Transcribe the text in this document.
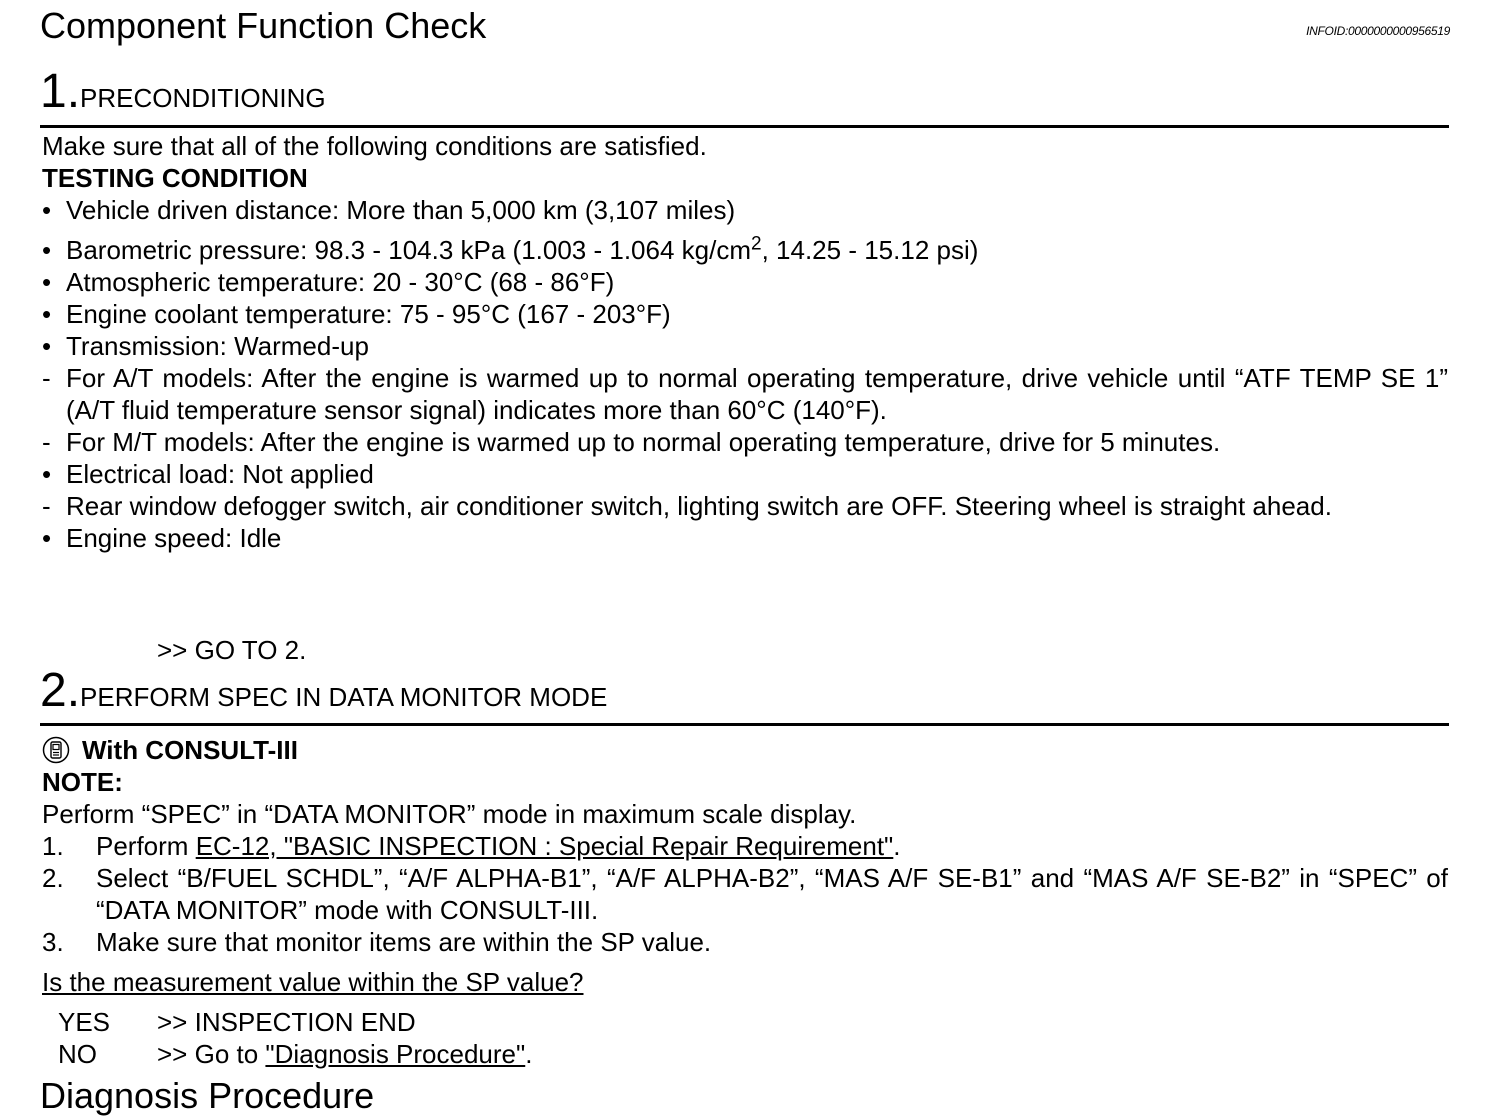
Component Function Check	INFOID:0000000000956519
1. PRECONDITIONING
Make sure that all of the following conditions are satisfied.
TESTING CONDITION
• Vehicle driven distance: More than 5,000 km (3,107 miles)
• Barometric pressure: 98.3 - 104.3 kPa (1.003 - 1.064 $kg/cm^2$, 14.25 - 15.12 psi)
• Atmospheric temperature: 20 - 30°C (68 - 86°F)
• Engine coolant temperature: 75 - 95°C (167 - 203°F)
• Transmission: Warmed-up
- For A/T models: After the engine is warmed up to normal operating temperature, drive vehicle until “ATF TEMP SE 1” (A/T fluid temperature sensor signal) indicates more than 60°C (140°F).
- For M/T models: After the engine is warmed up to normal operating temperature, drive for 5 minutes.
• Electrical load: Not applied
- Rear window defogger switch, air conditioner switch, lighting switch are OFF. Steering wheel is straight ahead.
• Engine speed: Idle
>> GO TO 2.
2. PERFORM SPEC IN DATA MONITOR MODE
With CONSULT-III
NOTE:
Perform “SPEC” in “DATA MONITOR” mode in maximum scale display.
1. Perform EC-12, "BASIC INSPECTION : Special Repair Requirement".
2. Select “B/FUEL SCHDL”, “A/F ALPHA-B1”, “A/F ALPHA-B2”, “MAS A/F SE-B1” and “MAS A/F SE-B2” in “SPEC” of “DATA MONITOR” mode with CONSULT-III.
3. Make sure that monitor items are within the SP value.
Is the measurement value within the SP value?
YES	>> INSPECTION END
NO	>> Go to
"Diagnosis Procedure" .
Diagnosis Procedure
